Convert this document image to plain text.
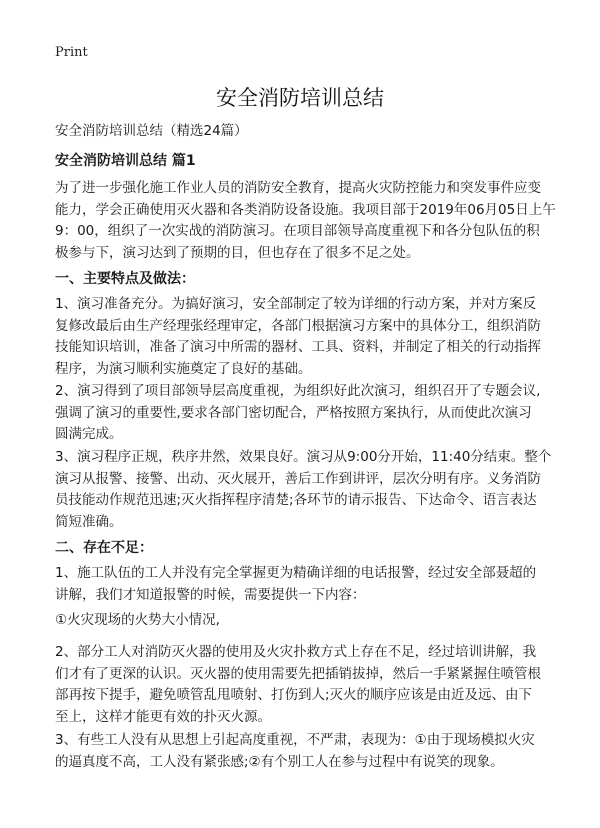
Print
安全消防培训总结
安全消防培训总结（精选24篇）
安全消防培训总结 篇1
为了进一步强化施工作业人员的消防安全教育，提高火灾防控能力和突发事件应变
能力，学会正确使用灭火器和各类消防设备设施。我项目部于2019年06月05日上午
9：00，组织了一次实战的消防演习。在项目部领导高度重视下和各分包队伍的积
极参与下，演习达到了预期的目，但也存在了很多不足之处。
一、主要特点及做法：
1、演习准备充分。为搞好演习，安全部制定了较为详细的行动方案，并对方案反
复修改最后由生产经理张经理审定，各部门根据演习方案中的具体分工，组织消防
技能知识培训，准备了演习中所需的器材、工具、资料，并制定了相关的行动指挥
程序，为演习顺利实施奠定了良好的基础。
2、演习得到了项目部领导层高度重视，为组织好此次演习，组织召开了专题会议,
强调了演习的重要性,要求各部门密切配合，严格按照方案执行，从而使此次演习
圆满完成。
3、演习程序正规，秩序井然，效果良好。演习从9:00分开始，11:40分结束。整个
演习从报警、接警、出动、灭火展开，善后工作到讲评，层次分明有序。义务消防
员技能动作规范迅速;灭火指挥程序清楚;各环节的请示报告、下达命令、语言表达
简短准确。
二、存在不足：
1、施工队伍的工人并没有完全掌握更为精确详细的电话报警，经过安全部聂超的
讲解，我们才知道报警的时候，需要提供一下内容：
①火灾现场的火势大小情况,
2、部分工人对消防灭火器的使用及火灾扑救方式上存在不足，经过培训讲解，我
们才有了更深的认识。灭火器的使用需要先把插销拔掉，然后一手紧紧握住喷管根
部再按下提手，避免喷管乱甩喷射、打伤到人;灭火的顺序应该是由近及远、由下
至上，这样才能更有效的扑灭火源。
3、有些工人没有从思想上引起高度重视，不严肃，表现为：①由于现场模拟火灾
的逼真度不高，工人没有紧张感;②有个别工人在参与过程中有说笑的现象。
